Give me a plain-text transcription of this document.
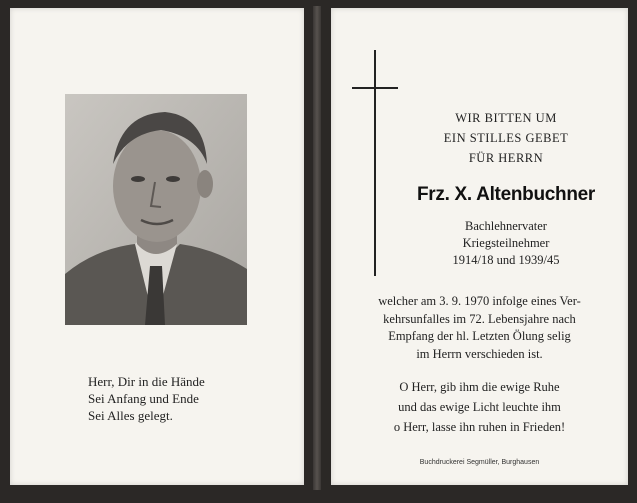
Herr, Dir in die Hände
Sei Anfang und Ende
Sei Alles gelegt.
WIR BITTEN UM
EIN STILLES GEBET
FÜR HERRN
Frz. X. Altenbuchner
Bachlehnervater
Kriegsteilnehmer
1914/18 und 1939/45
welcher am 3. 9. 1970 infolge eines Ver-
kehrsunfalles im 72. Lebensjahre nach
Empfang der hl. Letzten Ölung selig
im Herrn verschieden ist.
O Herr, gib ihm die ewige Ruhe
und das ewige Licht leuchte ihm
o Herr, lasse ihn ruhen in Frieden!
Buchdruckerei Segmüller, Burghausen
